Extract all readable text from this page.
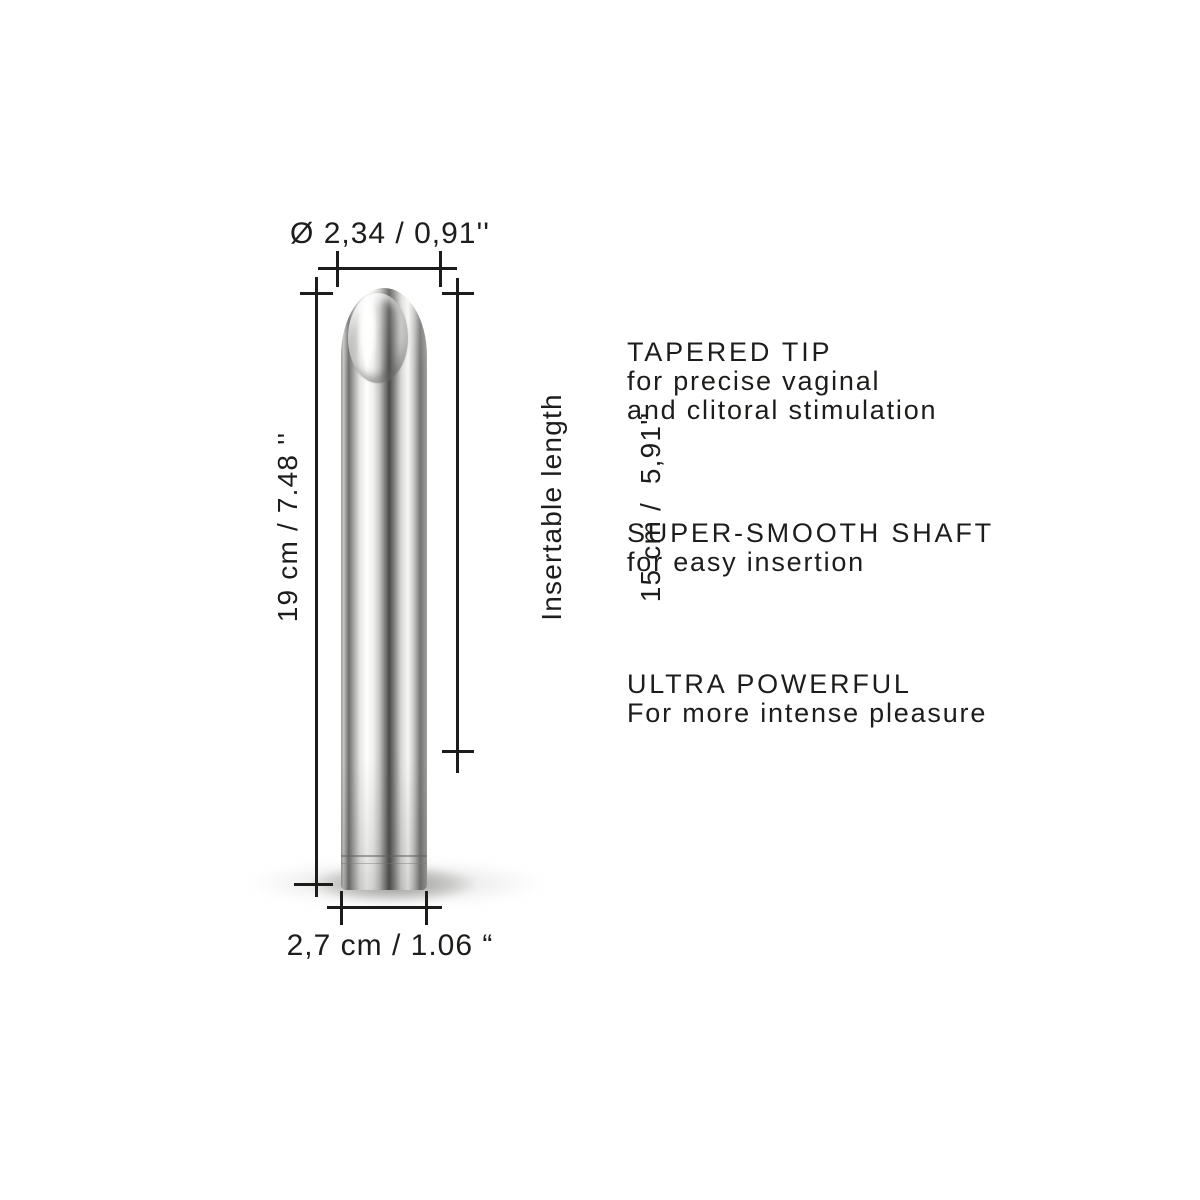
Ø 2,34 / 0,91''
19 cm / 7.48 ''

	Insertable length

15 cm /  5,91''

2,7 cm / 1.06 “
TAPERED TIP
for precise vaginal
and clitoral stimulation
SUPER-SMOOTH SHAFT
for easy insertion
ULTRA POWERFUL
For more intense pleasure
